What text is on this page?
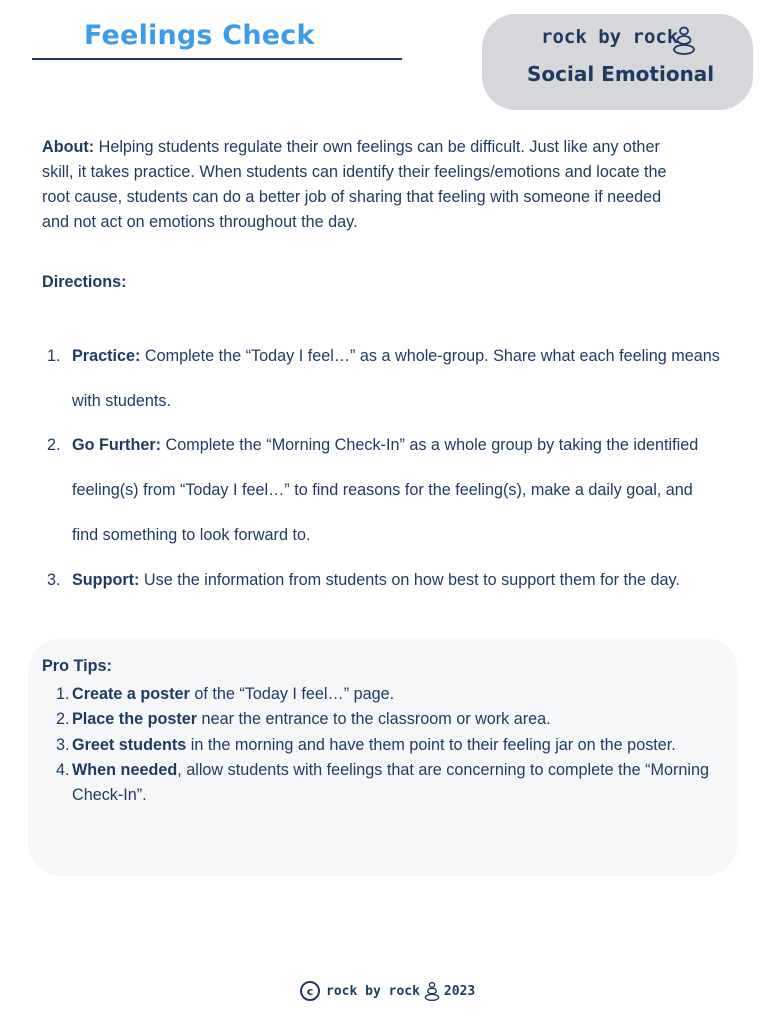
Feelings Check	rock by rock
Social Emotional

About: Helping students regulate their own feelings can be difficult. Just like any other skill, it takes practice. When students can identify their feelings/emotions and locate the root cause, students can do a better job of sharing that feeling with someone if needed and not act on emotions throughout the day.

Directions:
1. Practice: Complete the “Today I feel…” as a whole-group. Share what each feeling means with students.
2. Go Further: Complete the “Morning Check-In” as a whole group by taking the identified feeling(s) from “Today I feel…” to find reasons for the feeling(s), make a daily goal, and find something to look forward to.
3. Support: Use the information from students on how best to support them for the day.
Pro Tips:
1. Create a poster of the “Today I feel…” page.
2. Place the poster near the entrance to the classroom or work area.
3. Greet students in the morning and have them point to their feeling jar on the poster.
4. When needed, allow students with feelings that are concerning to complete the “Morning Check-In”.
c rock by rock 2023
